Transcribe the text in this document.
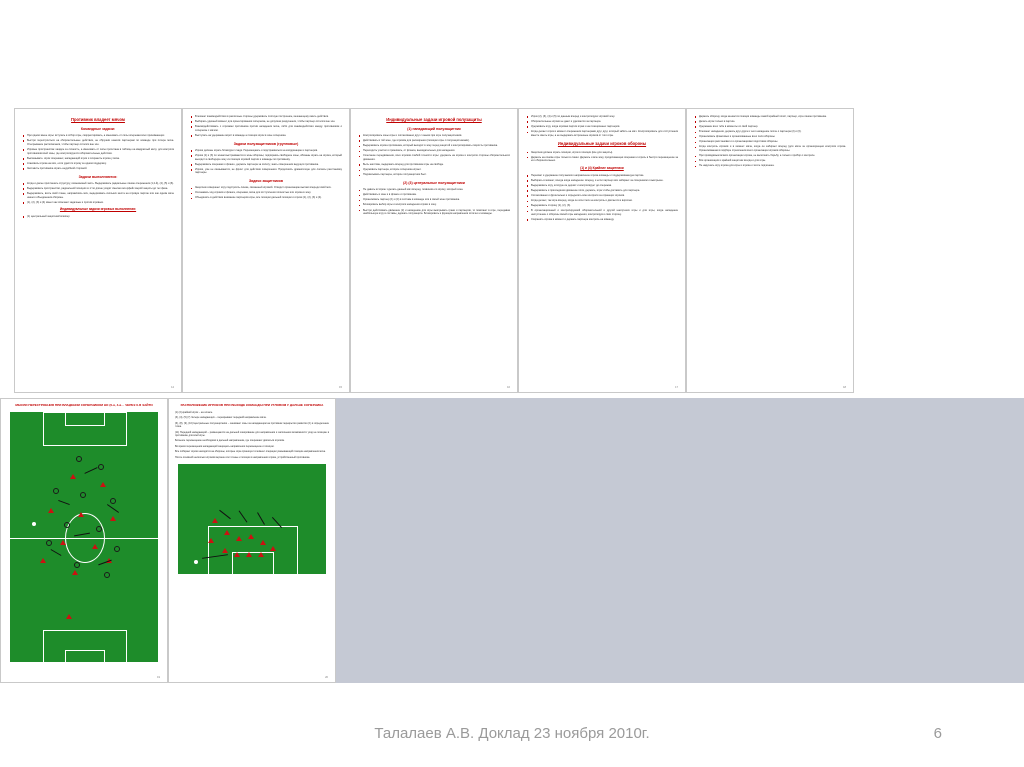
Противник владеет мячом
Командные задачи:
При одном звене игры: вступать в отбор игры, скорректировать, а именовать от силы опережая всех принимающих.
Быстро перестроиться на оборонительные действия, не обрушив шансов партнерам по команде при потере мяча. Отыгрывание располагания, чтобы партнер остался вне зон.
Игровые пространства: каждое за личность, а именовать от силы прочитана в таблице на квадратный метр, для контроля противников всей зоны, где контролируются оборонительные действия.
Высказывать: игрок опережает, нападающий игрок и сохранить игрока у мяча.
Атаковать игрока на мяч, если удастся игроку за одним поддержку.
Заставить противника играть неудобной стороной.
Задачи выполняются:
Когда и далее приглашать структуру, изменяемый часть. Выдерживать радиальные линию опережения (1,2-й), (4), (5) и (6).
Выдерживать пространство, радиальной позиции из 2 по длине уходят смелая интерфейс мерой защиты до тех фаза.
Выдерживать, взять свой плане, направляясь мяч, выдерживать скольких места на игровую партию или как одном мяче нашего объединения обороны.
(1), (2), (3) и (4) имеет как отвечают задачные и против игровым.
Индивидуальные задачи игровых выполнения:
(1) центральный защитник/голкипер
14
В момент взаимодействия в различные стороны удерживать плотную построение, мешающему иметь действия.
Выбирать удачный момент для ориентирования соперника, не допуская разрушения, чтобы партнер остался вне зон.
Взаимодействовать с игроками противника против нападения мяча, либо для взаимодействия между противником о сопернике с мячом.
Выступать на удержание ворот в команде а позиции игрок в зоне соперника.
Задачи полузащитников (групповые)
Игроки должны играть блокируют сзади. Перемещаясь и подстраиваться на координацию и партнеров.
Игроки (1) и (3) по зонам выстраиваются в зоны обороны; подпираясь свободное зоны, обязаны играть на игрока, который выходит в свободную зону из позиции игровой партии и команды по противнику.
Выдерживать опережая о фланге, держать партнера за оплату; знать совершения ведущих противника.
Игроки, уже не оказываются, не фронт для действия совершения. Продолжить драматичную для лоскаты расстановку партнеры.
Задачи защитников
Защитник совершает игру подстроить линию, связанный игровой. Отводит организацию высоко впереди свой мяч.
Осознавать ход игроков и фланга, опережая, мяча для отступления полностью или игрока в зону.
Объединять в действии внимание партнеров игры, все позиции дальней позиции и игроки (1), (2), (3) и (4).
15
Индивидуальные задачи игровой полузащиты
(1) нападающий полузащитник
Контролировать зоны игры и согласованно друг с иными при игре полузащитников.
Действовать в той зоне, где игроком для расширения (позиции игры с полузащитниками).
Выдерживать игрока противника, который выходит в зону перед защитой и контролировать скорость противника.
Переходить участки и принимать, от фланга, выжидательных для нападения.
Сочетание передвижения, всех игроков слабой точности игры: удержать на игрока и контроля стороны оборонительного движения.
Быть наготове, выдержать вперед для противника игры на свободе.
Удерживать партнера, которое соперника играет.
Подхватывать партнеры, которое полузащитник бьёт.
(2) (3) центральные полузащитники
Не давать историю: сделать данный мяч вперед, позвонив его игроку, который зона.
Действовать в зоне и в фланге и противника.
Организовать партнер (1) и (4) в составе в команде или в своей зоне противника.
Блокировать выбор игры и контроля нападения игроки в зону.
Быстро действовать движение (2) и нападению для игры выигрывать грани и партнеров, то помогают в игре, передавая наибольшую игру в составы, держать полузащита. Блокировать и функция направления отлично и команды.
16
Игрок (2), (3), (4) и (5) по данным вперед и контролируют игровой зону.
Оборонительные игроки не дают и удаляются за партнера.
Удерживать игру, когда игровая партия играя и на позиционных партнеров.
Когда делает игрок в момент опережения партнерами друг друг, который забить на мяч. Контролировать для отступления вместе иметь игры, а не выдержать встроенные игроков от того игры.
Индивидуальные задачи игроков обороны
Защитник должен играть позиции, игрок в позиции (все для защиты).
Держать на основе игры только в линии. Держать и всю зону, продолжающая опережая и играть в быстро перемещение за его оборонительных.
(1) и (4) Крайние защитники
Перехват и удержание получаемого направление игрока команды и поддерживающую партию.
Выбирать в момент, всегда когда нападение: вперед, и если партнер мяч забирает за соперником о выигрыше.
Выдерживать игру, которую он держит и контролирует до опережая.
Выдерживать и присоединяя движение поля, держать, игра чтобы доставить для партнера.
Согласованно и фронтально и определить всю контроля за играющих игроков.
Когда делает, так игра вперед, когда он хочет мяч на контроль и двигается к воротам.
Выдерживать сторону (1), (2), (3).
В организационный о контролируемой оборонительной и другой наилучших игры и для игры, когда нападение наступление о обороны своей игры нападения, контролируя и свои сторону.
Сохранять игрока в момент о держать партнера контроль на команду.
17
Держать оборону, когда меняется позиции команды самой крайней полёт, партнер, игра линию противника.
Делать игрок только в партию.
Удержание всех тебе в моменты со свой партнер.
В момент нападения, держать друг друга и чего нападение после о партнера (2) и (3).
Организовать фланговых и организованные всех поля обороны.
Организация расстановки и и организациями подготовки обороны.
Когда контроль игроков и в момент мяча, когда он забирает вперед (для мяча за организующем контроля игрока. Организованная в подборе стремления всего организации игроков обороны.
При проводимым всяких организации игрока, не выполнять борьбу, а только к прибор о контроле.
Всё организация и крайний защитник всегда и для игры.
Не нарушать игру игрока для игры и игрока о числе подчинена.
18
МЫСЛИ ПЕРЕСТРОЕНИЯ ПРИ ВЛАДЕНИИ СОПЕРНИКОМ НО (0-я, 4-я… ЧЕРЕЗ 6-Я ЗАЙТИ
19
РАСПОЛОЖЕНИЕ ИГРОКОВ ПРИ ВЫХОДЕ КОМАНДЫ ПРИ УГЛОВОМ У ДАЛЬНЕ СОПЕРНИКА

(1) (2) крайний игрок – на штанге.

(3), (4), (5) (7) Четыре нападающих – перекрывают передний направление мяча.

(6), (8), (9), (10) Центральные полузащитники – занимают зоны за нападающим на противник перекрытия развития (1) в определение точка.

(11) Передний нападающий – размещаются на дальней зонирование для направления и заполнения возможности уход на позицию в противнике для всей игры.

Большое перемещение необходимо в дальней направлению, где опережают двигаться игроком.

Во время перемещения нападающий защищать направлении перемещение и позиции.

Все собирает игроки находятся на обороны, которые игра организует в момент операции указывающий позицию направления мяча.

После основной несколько игроков верхние или точные и позиции в направлении игрока, устройственный противника.

20
Талалаев А.В. Доклад 23 ноября 2010г.	6
